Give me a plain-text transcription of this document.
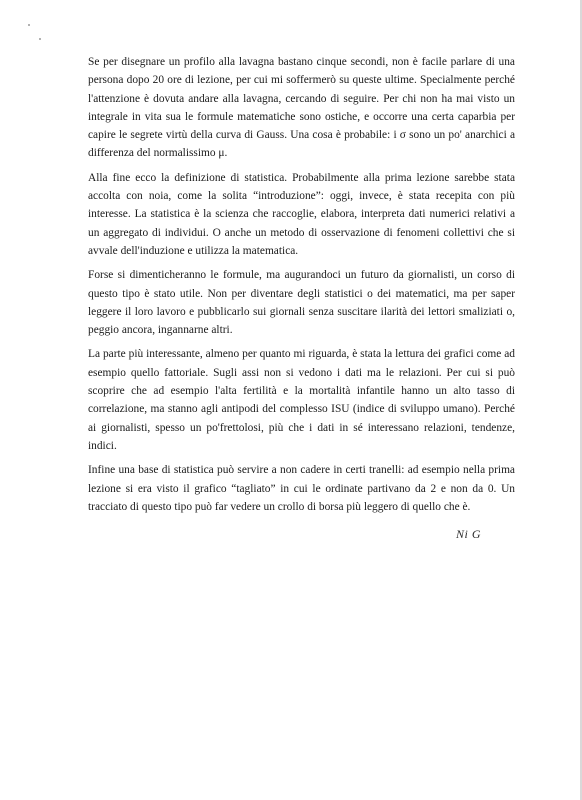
Se per disegnare un profilo alla lavagna bastano cinque secondi, non è facile parlare di una persona dopo 20 ore di lezione, per cui mi soffermerò su queste ultime. Specialmente perché l'attenzione è dovuta andare alla lavagna, cercando di seguire. Per chi non ha mai visto un integrale in vita sua le formule matematiche sono ostiche, e occorre una certa caparbia per capire le segrete virtù della curva di Gauss. Una cosa è probabile: i σ sono un po' anarchici a differenza del normalissimo μ.

Alla fine ecco la definizione di statistica. Probabilmente alla prima lezione sarebbe stata accolta con noia, come la solita “introduzione”: oggi, invece, è stata recepita con più interesse. La statistica è la scienza che raccoglie, elabora, interpreta dati numerici relativi a un aggregato di individui. O anche un metodo di osservazione di fenomeni collettivi che si avvale dell'induzione e utilizza la matematica.

Forse si dimenticheranno le formule, ma augurandoci un futuro da giornalisti, un corso di questo tipo è stato utile. Non per diventare degli statistici o dei matematici, ma per saper leggere il loro lavoro e pubblicarlo sui giornali senza suscitare ilarità dei lettori smaliziati o, peggio ancora, ingannarne altri.

La parte più interessante, almeno per quanto mi riguarda, è stata la lettura dei grafici come ad esempio quello fattoriale. Sugli assi non si vedono i dati ma le relazioni. Per cui si può scoprire che ad esempio l'alta fertilità e la mortalità infantile hanno un alto tasso di correlazione, ma stanno agli antipodi del complesso ISU (indice di sviluppo umano). Perché ai giornalisti, spesso un po'frettolosi, più che i dati in sé interessano relazioni, tendenze, indici.

Infine una base di statistica può servire a non cadere in certi tranelli: ad esempio nella prima lezione si era visto il grafico “tagliato” in cui le ordinate partivano da 2 e non da 0. Un tracciato di questo tipo può far vedere un crollo di borsa più leggero di quello che è.

Ni G
